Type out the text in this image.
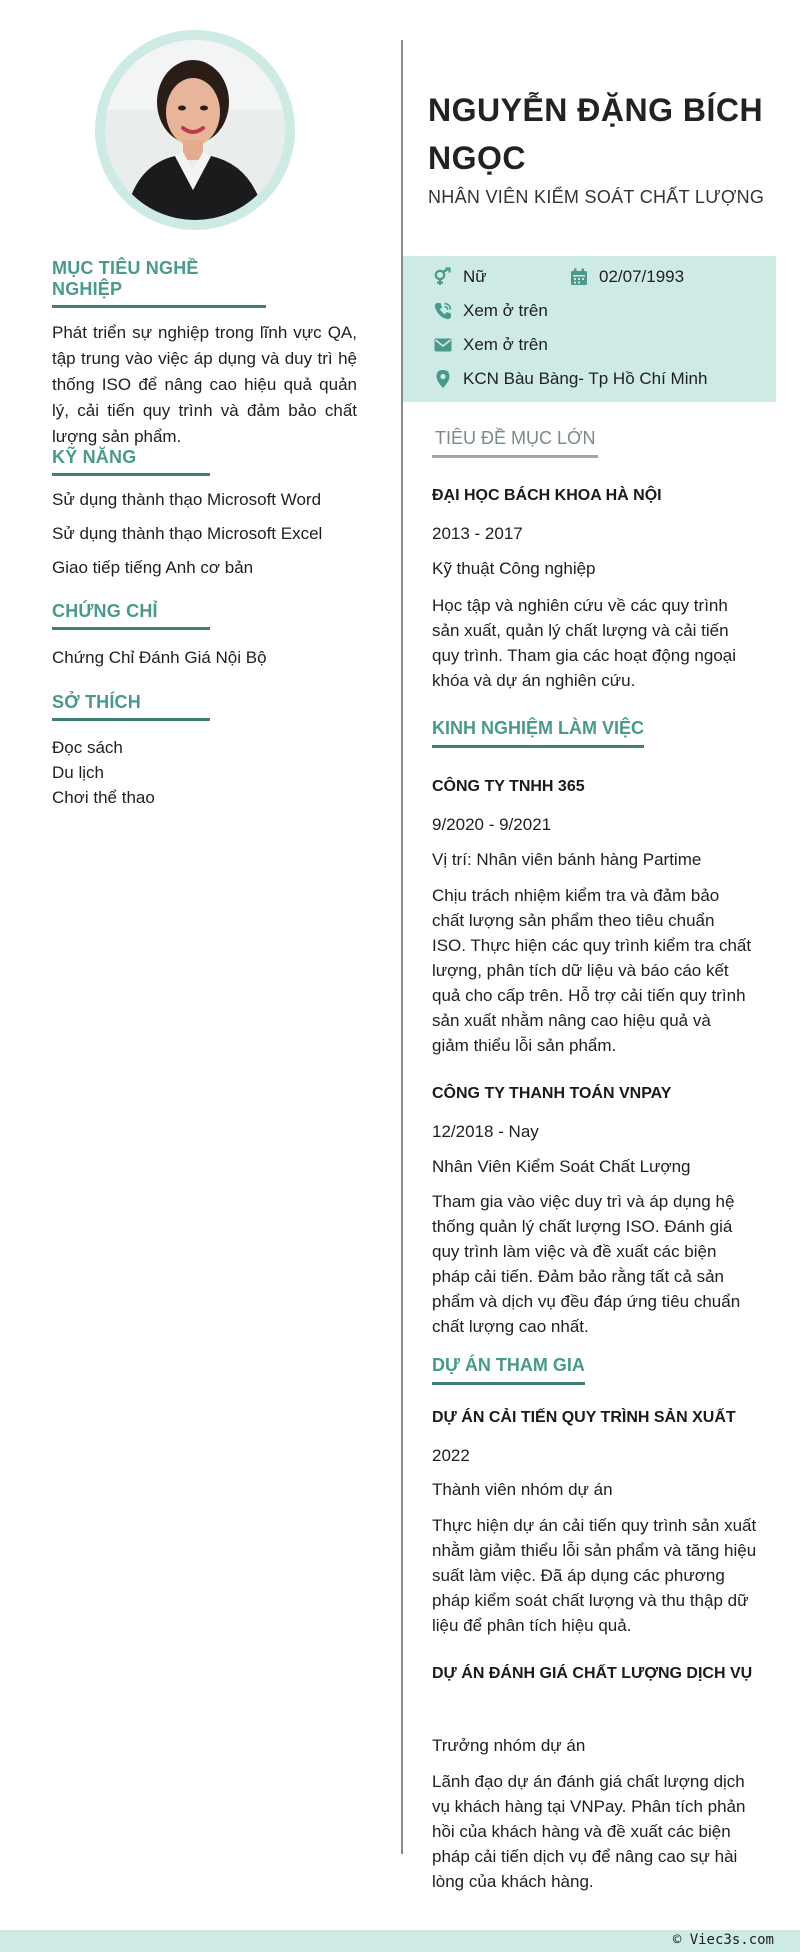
MỤC TIÊU NGHỀ NGHIỆP
Phát triển sự nghiệp trong lĩnh vực QA, tập trung vào việc áp dụng và duy trì hệ thống ISO để nâng cao hiệu quả quản lý, cải tiến quy trình và đảm bảo chất lượng sản phẩm.
KỸ NĂNG
Sử dụng thành thạo Microsoft Word
Sử dụng thành thạo Microsoft Excel
Giao tiếp tiếng Anh cơ bản
CHỨNG CHỈ
Chứng Chỉ Đánh Giá Nội Bộ
SỞ THÍCH
Đọc sách
Du lịch
Chơi thể thao
NGUYỄN ĐẶNG BÍCH NGỌC
NHÂN VIÊN KIỂM SOÁT CHẤT LƯỢNG
Nữ	02/07/1993
Xem ở trên
Xem ở trên
KCN Bàu Bàng- Tp Hồ Chí Minh
TIÊU ĐỀ MỤC LỚN
ĐẠI HỌC BÁCH KHOA HÀ NỘI
2013 - 2017
Kỹ thuật Công nghiệp
Học tập và nghiên cứu về các quy trình sản xuất, quản lý chất lượng và cải tiến quy trình. Tham gia các hoạt động ngoại khóa và dự án nghiên cứu.
KINH NGHIỆM LÀM VIỆC
CÔNG TY TNHH 365
9/2020 - 9/2021
Vị trí: Nhân viên bánh hàng Partime
Chịu trách nhiệm kiểm tra và đảm bảo chất lượng sản phẩm theo tiêu chuẩn ISO. Thực hiện các quy trình kiểm tra chất lượng, phân tích dữ liệu và báo cáo kết quả cho cấp trên. Hỗ trợ cải tiến quy trình sản xuất nhằm nâng cao hiệu quả và giảm thiểu lỗi sản phẩm.
CÔNG TY THANH TOÁN VNPAY
12/2018 - Nay
Nhân Viên Kiểm Soát Chất Lượng
Tham gia vào việc duy trì và áp dụng hệ thống quản lý chất lượng ISO. Đánh giá quy trình làm việc và đề xuất các biện pháp cải tiến. Đảm bảo rằng tất cả sản phẩm và dịch vụ đều đáp ứng tiêu chuẩn chất lượng cao nhất.
DỰ ÁN THAM GIA
DỰ ÁN CẢI TIẾN QUY TRÌNH SẢN XUẤT
2022
Thành viên nhóm dự án
Thực hiện dự án cải tiến quy trình sản xuất nhằm giảm thiểu lỗi sản phẩm và tăng hiệu suất làm việc. Đã áp dụng các phương pháp kiểm soát chất lượng và thu thập dữ liệu để phân tích hiệu quả.
DỰ ÁN ĐÁNH GIÁ CHẤT LƯỢNG DỊCH VỤ
Trưởng nhóm dự án
Lãnh đạo dự án đánh giá chất lượng dịch vụ khách hàng tại VNPay. Phân tích phản hồi của khách hàng và đề xuất các biện pháp cải tiến dịch vụ để nâng cao sự hài lòng của khách hàng.
© Viec3s.com
